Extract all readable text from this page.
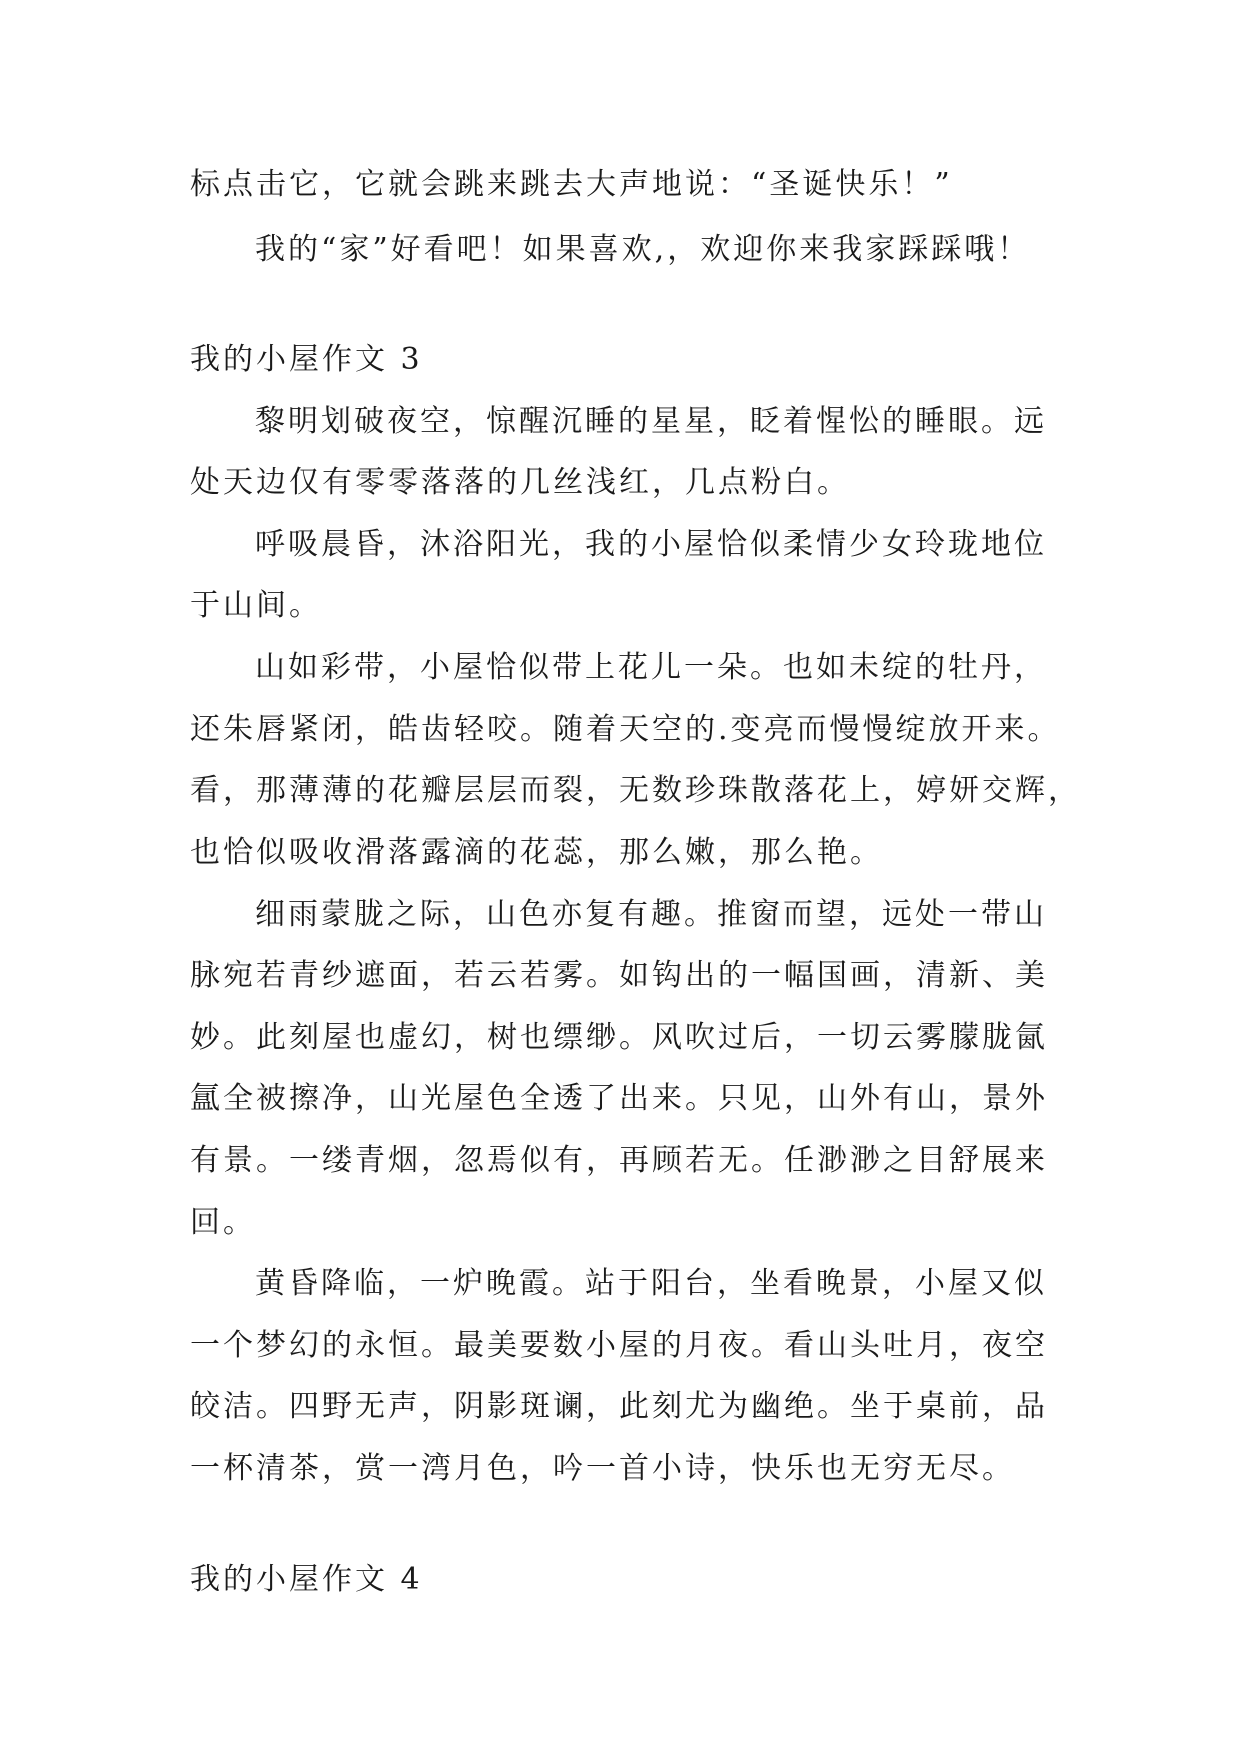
标点击它，它就会跳来跳去大声地说：“圣诞快乐！”
我的“家”好看吧！如果喜欢,，欢迎你来我家踩踩哦！
我的小屋作文 3
黎明划破夜空，惊醒沉睡的星星，眨着惺忪的睡眼。远
处天边仅有零零落落的几丝浅红，几点粉白。
呼吸晨昏，沐浴阳光，我的小屋恰似柔情少女玲珑地位
于山间。
山如彩带，小屋恰似带上花儿一朵。也如未绽的牡丹，
还朱唇紧闭，皓齿轻咬。随着天空的.变亮而慢慢绽放开来。
看，那薄薄的花瓣层层而裂，无数珍珠散落花上，婷妍交辉，
也恰似吸收滑落露滴的花蕊，那么嫩，那么艳。
细雨蒙胧之际，山色亦复有趣。推窗而望，远处一带山
脉宛若青纱遮面，若云若雾。如钩出的一幅国画，清新、美
妙。此刻屋也虚幻，树也缥缈。风吹过后，一切云雾朦胧氤
氲全被擦净，山光屋色全透了出来。只见，山外有山，景外
有景。一缕青烟，忽焉似有，再顾若无。任渺渺之目舒展来
回。
黄昏降临，一炉晚霞。站于阳台，坐看晚景，小屋又似
一个梦幻的永恒。最美要数小屋的月夜。看山头吐月，夜空
皎洁。四野无声，阴影斑谰，此刻尤为幽绝。坐于桌前，品
一杯清茶，赏一湾月色，吟一首小诗，快乐也无穷无尽。
我的小屋作文 4
